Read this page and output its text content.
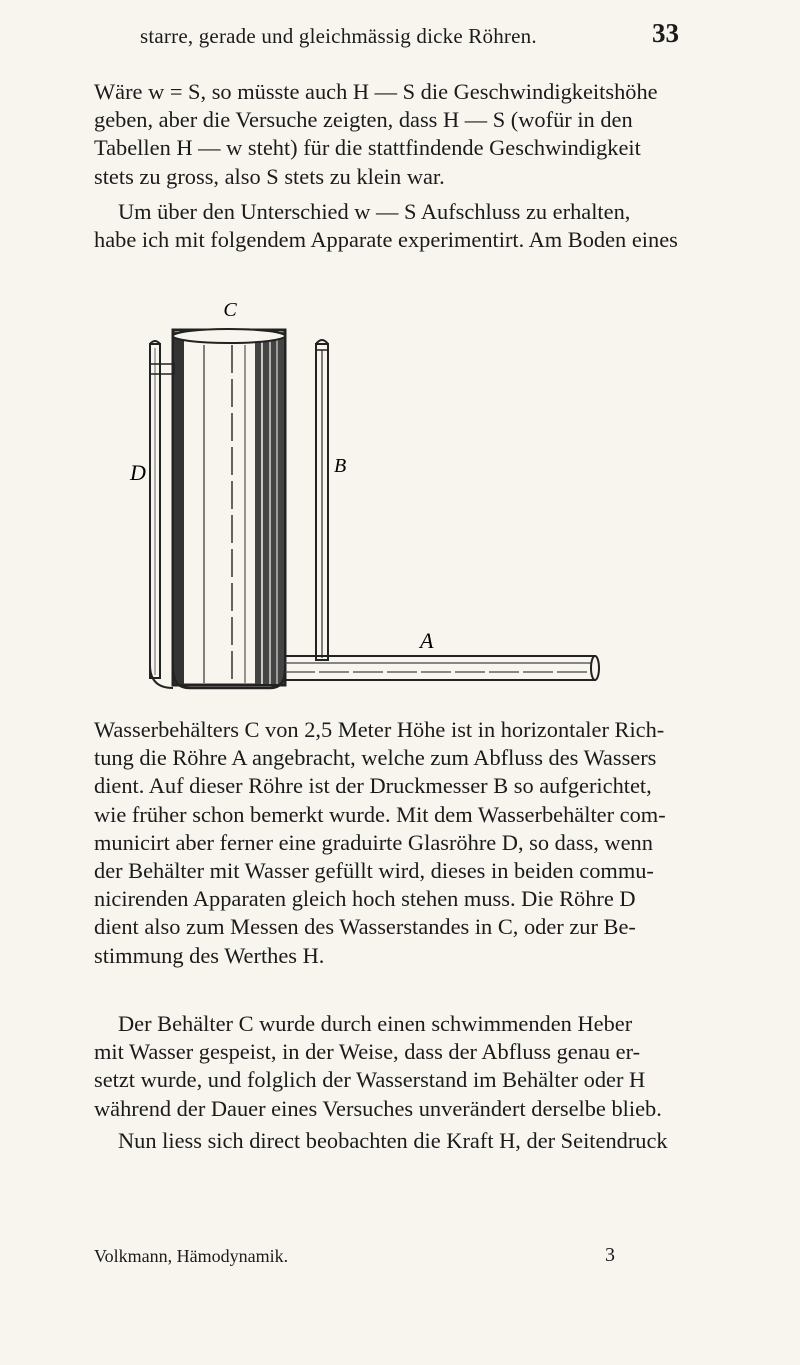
starre, gerade und gleichmässig dicke Röhren.	33
Wäre w = S, so müsste auch H — S die Geschwindigkeitshöhe
geben, aber die Versuche zeigten, dass H — S (wofür in den
Tabellen H — w steht) für die stattfindende Geschwindigkeit
stets zu gross, also S stets zu klein war.
Um über den Unterschied w — S Aufschluss zu erhalten,
habe ich mit folgendem Apparate experimentirt. Am Boden eines
C
D	B
A
Wasserbehälters C von 2,5 Meter Höhe ist in horizontaler Rich-
tung die Röhre A angebracht, welche zum Abfluss des Wassers
dient. Auf dieser Röhre ist der Druckmesser B so aufgerichtet,
wie früher schon bemerkt wurde. Mit dem Wasserbehälter com-
municirt aber ferner eine graduirte Glasröhre D, so dass, wenn
der Behälter mit Wasser gefüllt wird, dieses in beiden commu-
nicirenden Apparaten gleich hoch stehen muss. Die Röhre D
dient also zum Messen des Wasserstandes in C, oder zur Be-
stimmung des Werthes H.
Der Behälter C wurde durch einen schwimmenden Heber
mit Wasser gespeist, in der Weise, dass der Abfluss genau er-
setzt wurde, und folglich der Wasserstand im Behälter oder H
während der Dauer eines Versuches unverändert derselbe blieb.
Nun liess sich direct beobachten die Kraft H, der Seitendruck
Volkmann, Hämodynamik.	3
